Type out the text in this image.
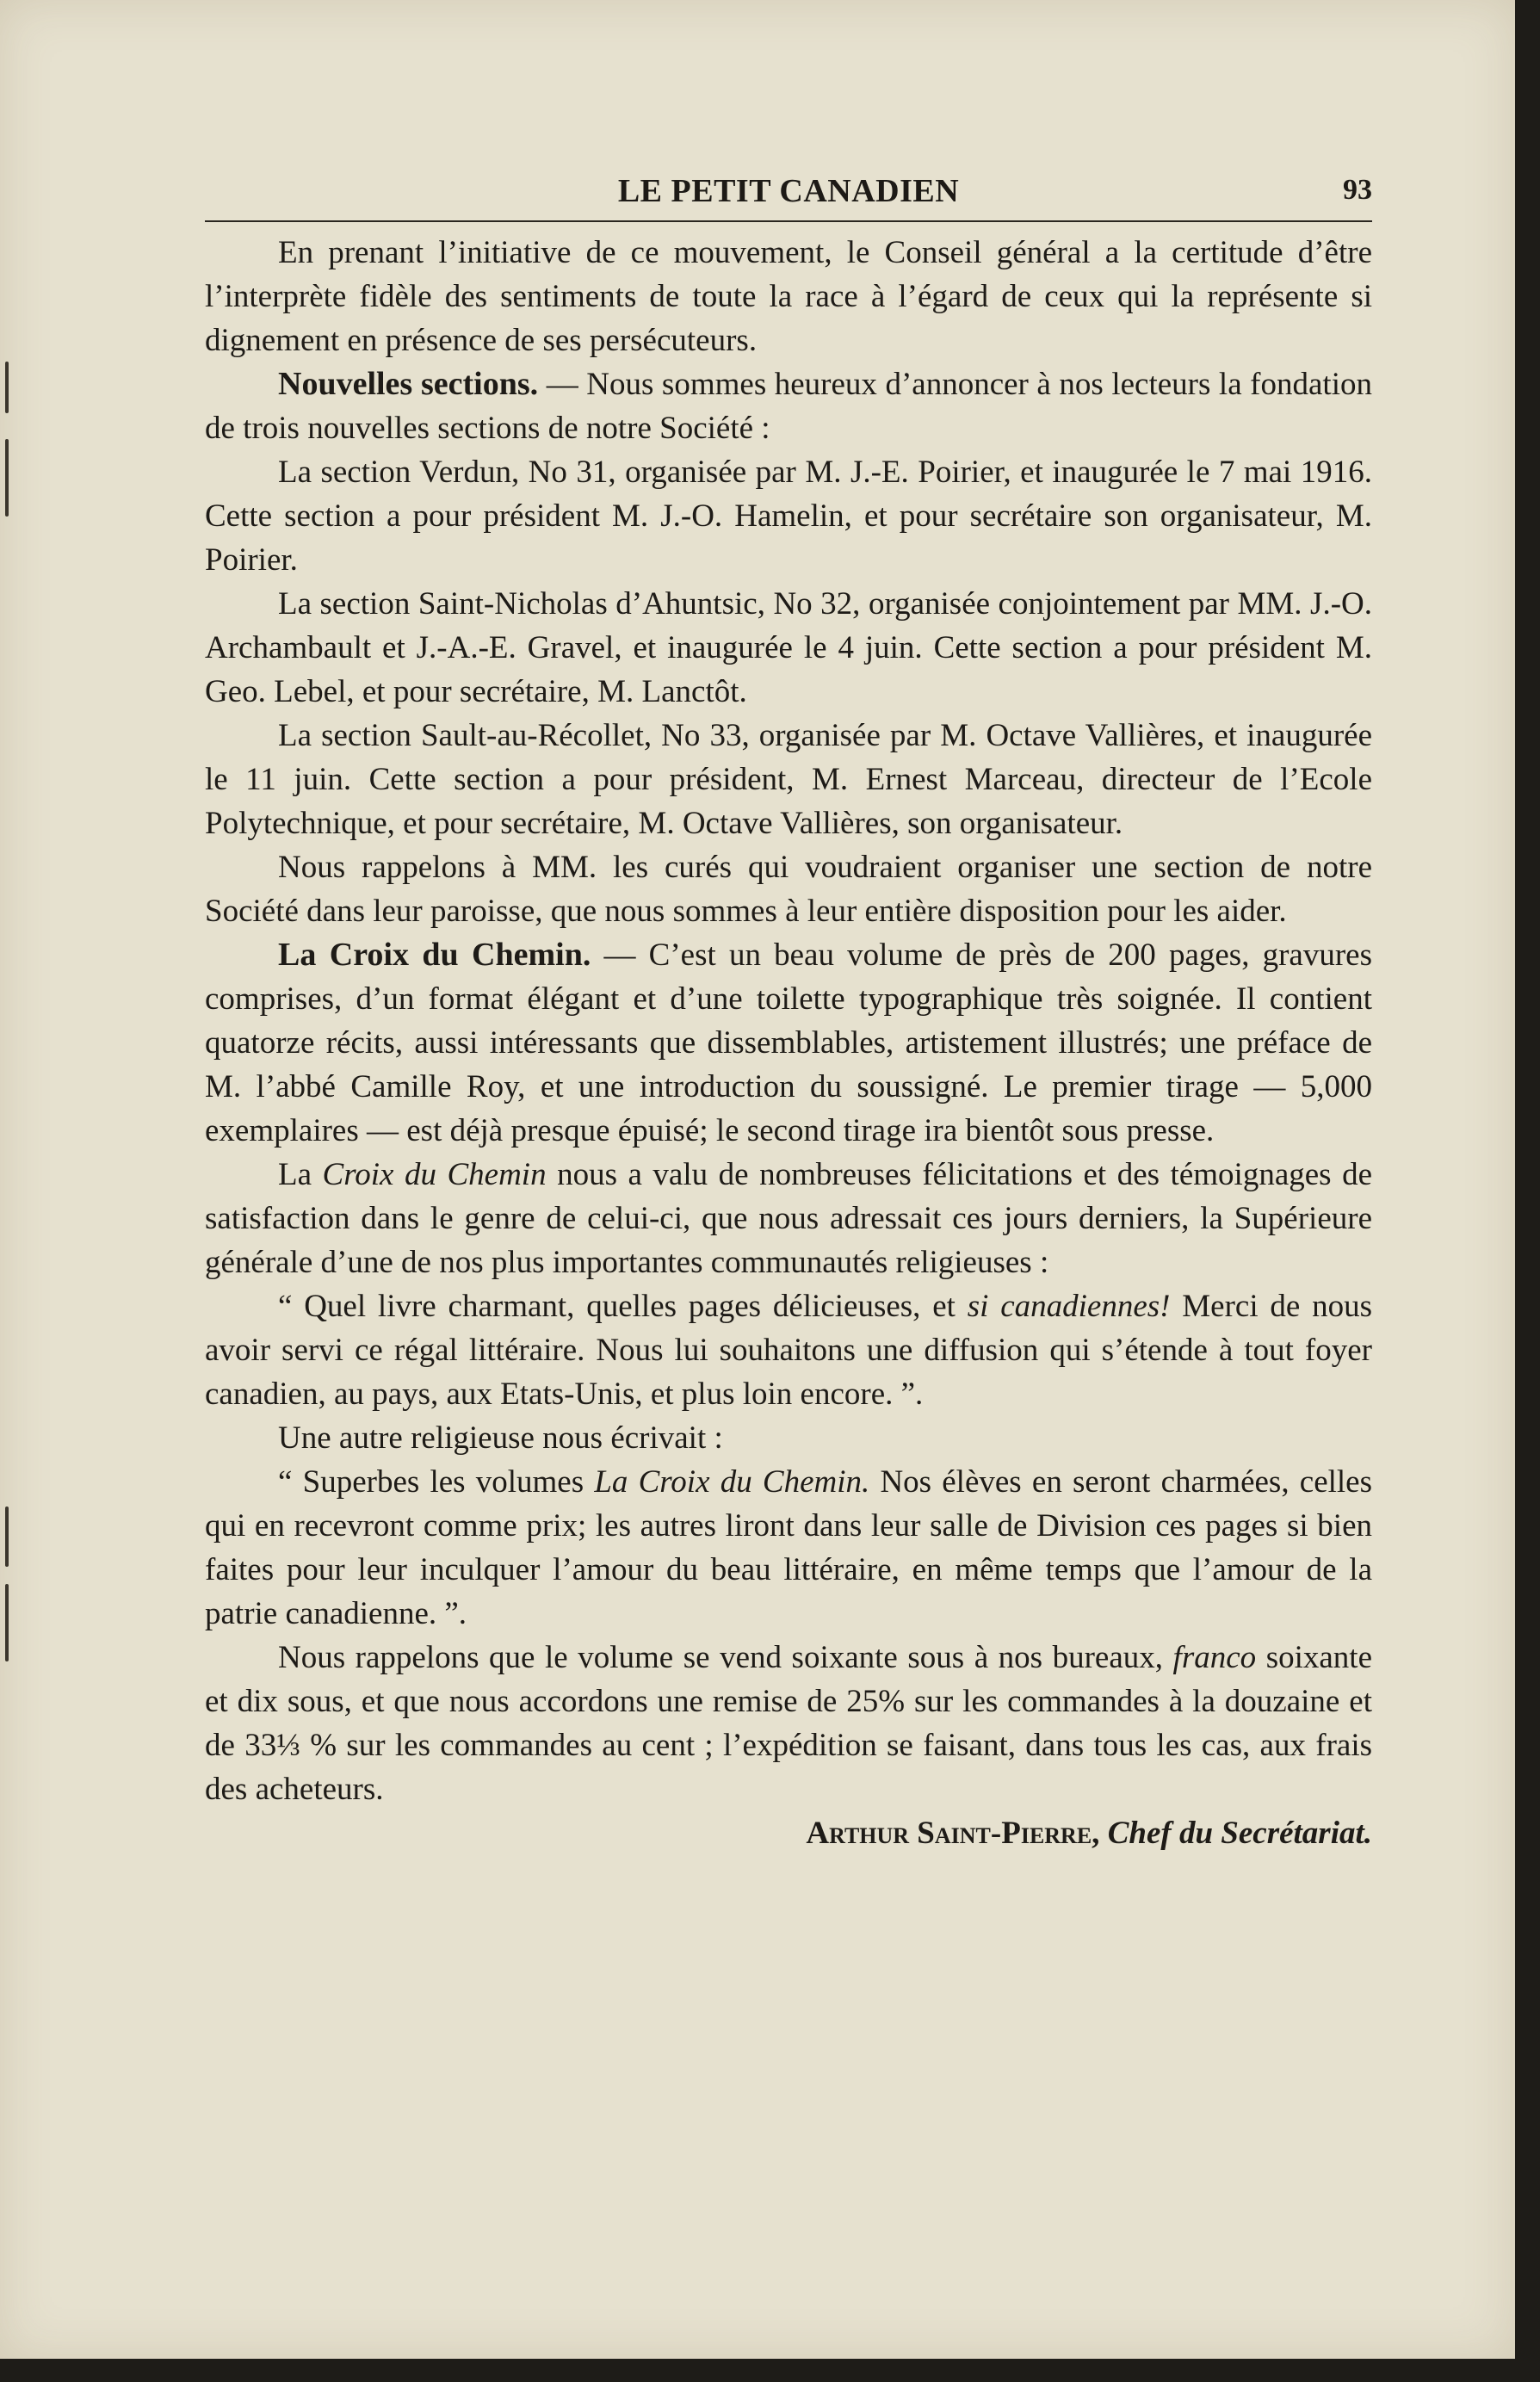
LE PETIT CANADIEN	93

En prenant l’initiative de ce mouvement, le Conseil général a la certitude d’être l’interprète fidèle des sentiments de toute la race à l’égard de ceux qui la représente si dignement en présence de ses persécuteurs.

Nouvelles sections. — Nous sommes heureux d’annoncer à nos lecteurs la fondation de trois nouvelles sections de notre Société :

La section Verdun, No 31, organisée par M. J.-E. Poirier, et inaugurée le 7 mai 1916. Cette section a pour président M. J.-O. Hamelin, et pour secrétaire son organisateur, M. Poirier.

La section Saint-Nicholas d’Ahuntsic, No 32, organisée conjointement par MM. J.-O. Archambault et J.-A.-E. Gravel, et inaugurée le 4 juin. Cette section a pour président M. Geo. Lebel, et pour secrétaire, M. Lanctôt.

La section Sault-au-Récollet, No 33, organisée par M. Octave Vallières, et inaugurée le 11 juin. Cette section a pour président, M. Ernest Marceau, directeur de l’Ecole Polytechnique, et pour secrétaire, M. Octave Vallières, son organisateur.

Nous rappelons à MM. les curés qui voudraient organiser une section de notre Société dans leur paroisse, que nous sommes à leur entière disposition pour les aider.

La Croix du Chemin. — C’est un beau volume de près de 200 pages, gravures comprises, d’un format élégant et d’une toilette typographique très soignée. Il contient quatorze récits, aussi intéressants que dissemblables, artistement illustrés; une préface de M. l’abbé Camille Roy, et une introduction du soussigné. Le premier tirage — 5,000 exemplaires — est déjà presque épuisé; le second tirage ira bientôt sous presse.

La Croix du Chemin nous a valu de nombreuses félicitations et des témoignages de satisfaction dans le genre de celui-ci, que nous adressait ces jours derniers, la Supérieure générale d’une de nos plus importantes communautés religieuses :

“ Quel livre charmant, quelles pages délicieuses, et si canadiennes! Merci de nous avoir servi ce régal littéraire. Nous lui souhaitons une diffusion qui s’étende à tout foyer canadien, au pays, aux Etats-Unis, et plus loin encore. ”.

Une autre religieuse nous écrivait :

“ Superbes les volumes La Croix du Chemin. Nos élèves en seront charmées, celles qui en recevront comme prix; les autres liront dans leur salle de Division ces pages si bien faites pour leur inculquer l’amour du beau littéraire, en même temps que l’amour de la patrie canadienne. ”.

Nous rappelons que le volume se vend soixante sous à nos bureaux, franco soixante et dix sous, et que nous accordons une remise de 25% sur les commandes à la douzaine et de 33⅓ % sur les commandes au cent ; l’expédition se faisant, dans tous les cas, aux frais des acheteurs.

Arthur Saint-Pierre, Chef du Secrétariat.
